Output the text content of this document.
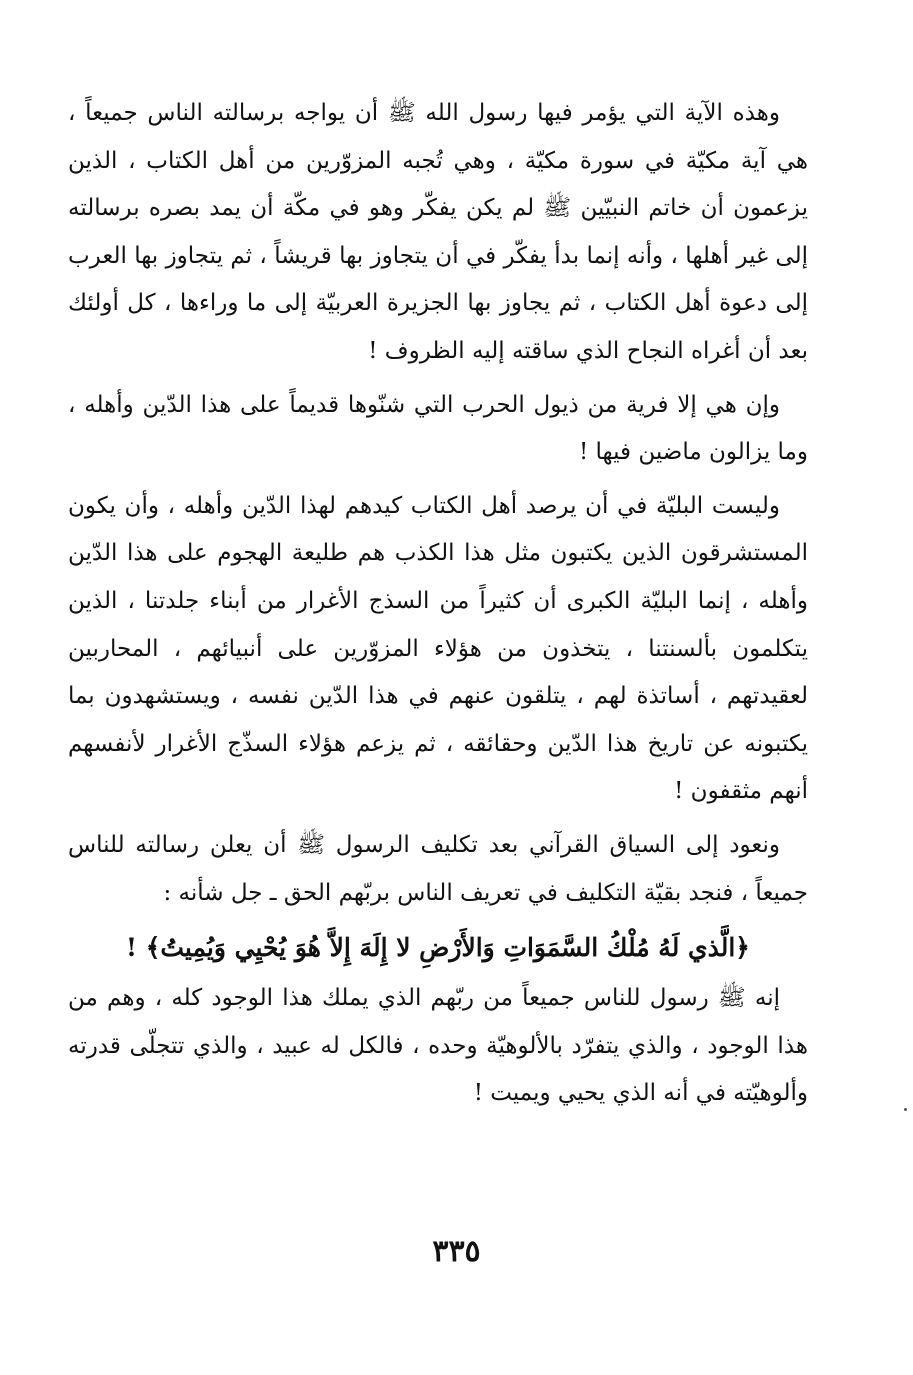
وهذه الآية التي يؤمر فيها رسول الله ﷺ أن يواجه برسالته الناس جميعاً ، هي آية مكيّة في سورة مكيّة ، وهي تُجبه المزوّرين من أهل الكتاب ، الذين يزعمون أن خاتم النبيّين ﷺ لم يكن يفكّر وهو في مكّة أن يمد بصره برسالته إلى غير أهلها ، وأنه إنما بدأ يفكّر في أن يتجاوز بها قريشاً ، ثم يتجاوز بها العرب إلى دعوة أهل الكتاب ، ثم يجاوز بها الجزيرة العربيّة إلى ما وراءها ، كل أولئك بعد أن أغراه النجاح الذي ساقته إليه الظروف !

وإن هي إلا فرية من ذيول الحرب التي شنّوها قديماً على هذا الدّين وأهله ، وما يزالون ماضين فيها !

وليست البليّة في أن يرصد أهل الكتاب كيدهم لهذا الدّين وأهله ، وأن يكون المستشرقون الذين يكتبون مثل هذا الكذب هم طليعة الهجوم على هذا الدّين وأهله ، إنما البليّة الكبرى أن كثيراً من السذج الأغرار من أبناء جلدتنا ، الذين يتكلمون بألسنتنا ، يتخذون من هؤلاء المزوّرين على أنبيائهم ، المحاربين لعقيدتهم ، أساتذة لهم ، يتلقون عنهم في هذا الدّين نفسه ، ويستشهدون بما يكتبونه عن تاريخ هذا الدّين وحقائقه ، ثم يزعم هؤلاء السذّج الأغرار لأنفسهم أنهم مثقفون !

ونعود إلى السياق القرآني بعد تكليف الرسول ﷺ أن يعلن رسالته للناس جميعاً ، فنجد بقيّة التكليف في تعريف الناس بربّهم الحق ـ جل شأنه :

﴿الَّذي لَهُ مُلْكُ السَّمَوَاتِ وَالأَرْضِ لا إِلَهَ إِلاَّ هُوَ يُحْيِي وَيُمِيتُ﴾ !

إنه ﷺ رسول للناس جميعاً من ربّهم الذي يملك هذا الوجود كله ، وهم من هذا الوجود ، والذي يتفرّد بالألوهيّة وحده ، فالكل له عبيد ، والذي تتجلّى قدرته وألوهيّته في أنه الذي يحيي ويميت !

٣٣٥
